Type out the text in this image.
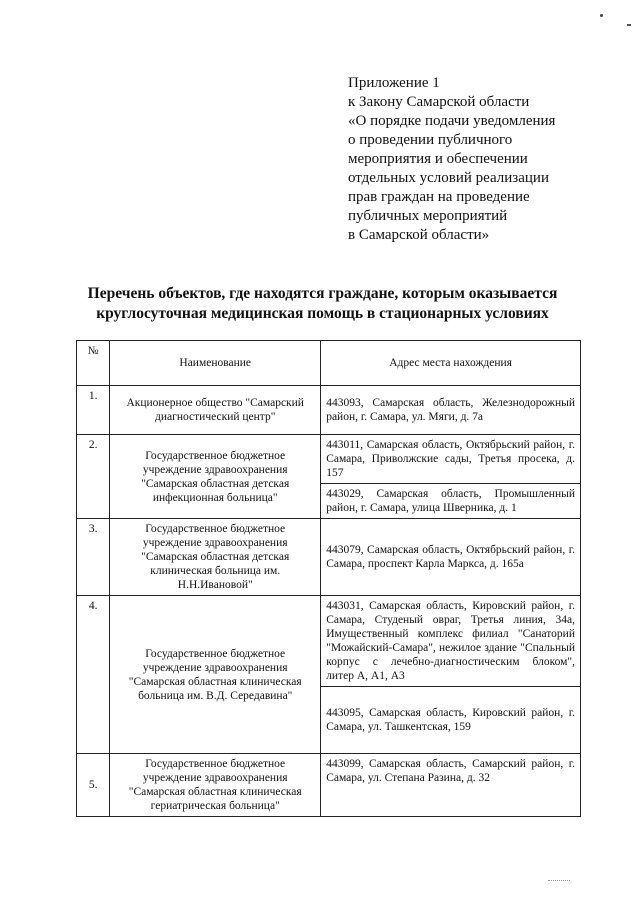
Приложение 1
к Закону Самарской области
«О порядке подачи уведомления
о проведении публичного
мероприятия и обеспечении
отдельных условий реализации
прав граждан на проведение
публичных мероприятий
в Самарской области»
Перечень объектов, где находятся граждане, которым оказывается
круглосуточная медицинская помощь в стационарных условиях
№	Наименование	Адрес места нахождения
1.	Акционерное общество "Самарский диагностический центр"	443093, Самарская область, Железнодорожный район, г. Самара, ул. Мяги, д. 7а
2.	Государственное бюджетное учреждение здравоохранения "Самарская областная детская инфекционная больница"	443011, Самарская область, Октябрьский район, г. Самара, Приволжские сады, Третья просека, д. 157
		443029, Самарская область, Промышленный район, г. Самара, улица Шверника, д. 1
3.	Государственное бюджетное учреждение здравоохранения "Самарская областная детская клиническая больница им. Н.Н.Ивановой"	443079, Самарская область, Октябрьский район, г. Самара, проспект Карла Маркса, д. 165а
4.	Государственное бюджетное учреждение здравоохранения "Самарская областная клиническая больница им. В.Д. Середавина"	443031, Самарская область, Кировский район, г. Самара, Студеный овраг, Третья линия, 34а, Имущественный комплекс филиал "Санаторий "Можайский-Самара", нежилое здание "Спальный корпус с лечебно-диагностическим блоком", литер А, А1, А3
		443095, Самарская область, Кировский район, г. Самара, ул. Ташкентская, 159
5.	Государственное бюджетное учреждение здравоохранения "Самарская областная клиническая гериатрическая больница"	443099, Самарская область, Самарский район, г. Самара, ул. Степана Разина, д. 32
